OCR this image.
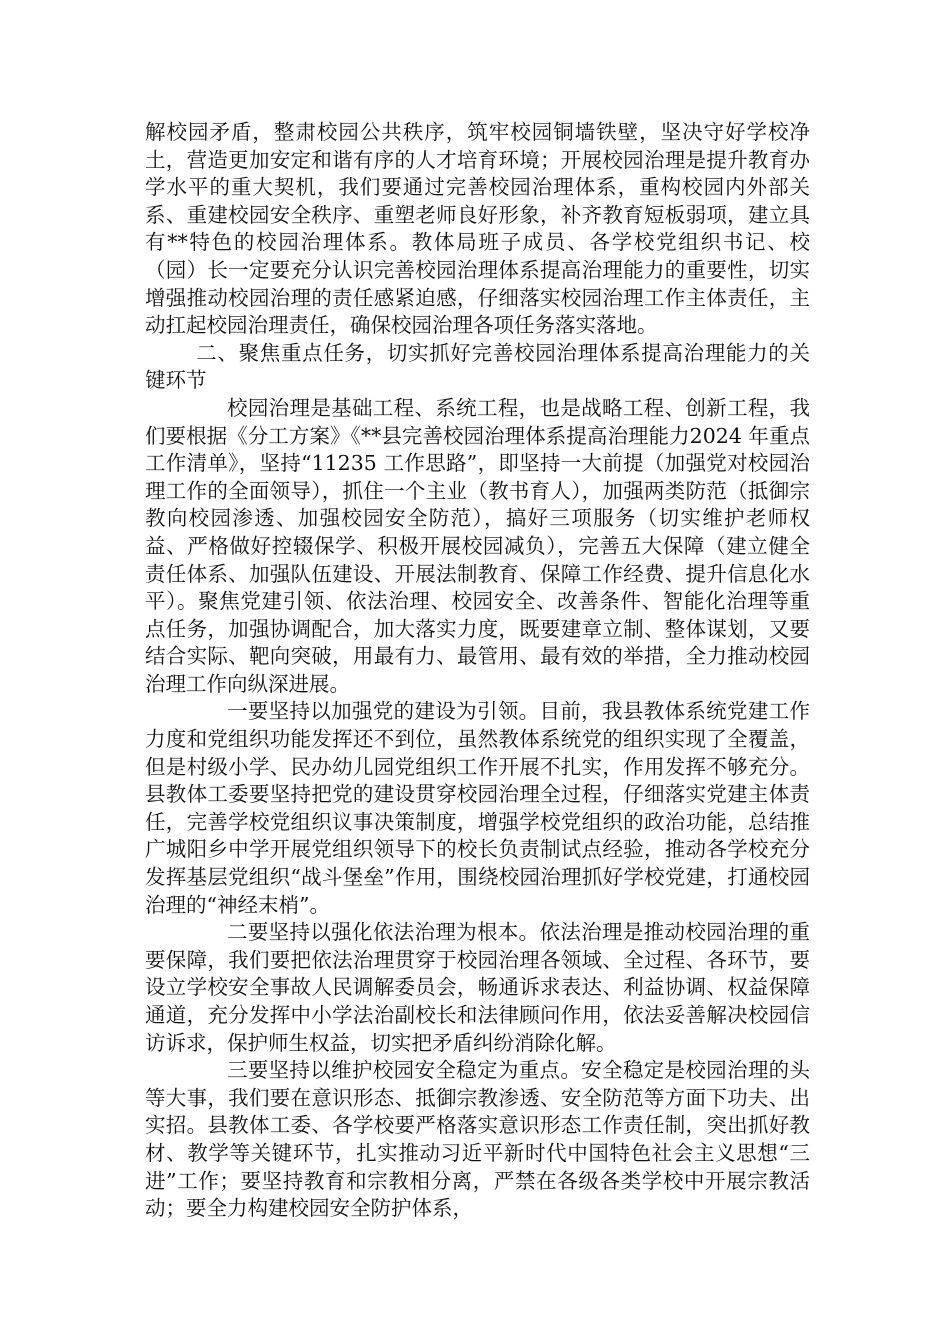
解校园矛盾，整肃校园公共秩序，筑牢校园铜墙铁壁，坚决守好学校净土，营造更加安定和谐有序的人才培育环境；开展校园治理是提升教育办学水平的重大契机，我们要通过完善校园治理体系，重构校园内外部关系、重建校园安全秩序、重塑老师良好形象，补齐教育短板弱项，建立具有**特色的校园治理体系。教体局班子成员、各学校党组织书记、校（园）长一定要充分认识完善校园治理体系提高治理能力的重要性，切实增强推动校园治理的责任感紧迫感，仔细落实校园治理工作主体责任，主动扛起校园治理责任，确保校园治理各项任务落实落地。

二、聚焦重点任务，切实抓好完善校园治理体系提高治理能力的关键环节

校园治理是基础工程、系统工程，也是战略工程、创新工程，我们要根据《分工方案》《**县完善校园治理体系提高治理能力2024 年重点工作清单》，坚持“11235 工作思路”，即坚持一大前提（加强党对校园治理工作的全面领导），抓住一个主业（教书育人），加强两类防范（抵御宗教向校园渗透、加强校园安全防范），搞好三项服务（切实维护老师权益、严格做好控辍保学、积极开展校园减负），完善五大保障（建立健全责任体系、加强队伍建设、开展法制教育、保障工作经费、提升信息化水平）。聚焦党建引领、依法治理、校园安全、改善条件、智能化治理等重点任务，加强协调配合，加大落实力度，既要建章立制、整体谋划，又要结合实际、靶向突破，用最有力、最管用、最有效的举措，全力推动校园治理工作向纵深进展。

一要坚持以加强党的建设为引领。目前，我县教体系统党建工作力度和党组织功能发挥还不到位，虽然教体系统党的组织实现了全覆盖，但是村级小学、民办幼儿园党组织工作开展不扎实，作用发挥不够充分。县教体工委要坚持把党的建设贯穿校园治理全过程，仔细落实党建主体责任，完善学校党组织议事决策制度，增强学校党组织的政治功能，总结推广城阳乡中学开展党组织领导下的校长负责制试点经验，推动各学校充分发挥基层党组织“战斗堡垒”作用，围绕校园治理抓好学校党建，打通校园治理的“神经末梢”。

二要坚持以强化依法治理为根本。依法治理是推动校园治理的重要保障，我们要把依法治理贯穿于校园治理各领域、全过程、各环节，要设立学校安全事故人民调解委员会，畅通诉求表达、利益协调、权益保障通道，充分发挥中小学法治副校长和法律顾问作用，依法妥善解决校园信访诉求，保护师生权益，切实把矛盾纠纷消除化解。

三要坚持以维护校园安全稳定为重点。安全稳定是校园治理的头等大事，我们要在意识形态、抵御宗教渗透、安全防范等方面下功夫、出实招。县教体工委、各学校要严格落实意识形态工作责任制，突出抓好教材、教学等关键环节，扎实推动习近平新时代中国特色社会主义思想“三进”工作；要坚持教育和宗教相分离，严禁在各级各类学校中开展宗教活动；要全力构建校园安全防护体系，
